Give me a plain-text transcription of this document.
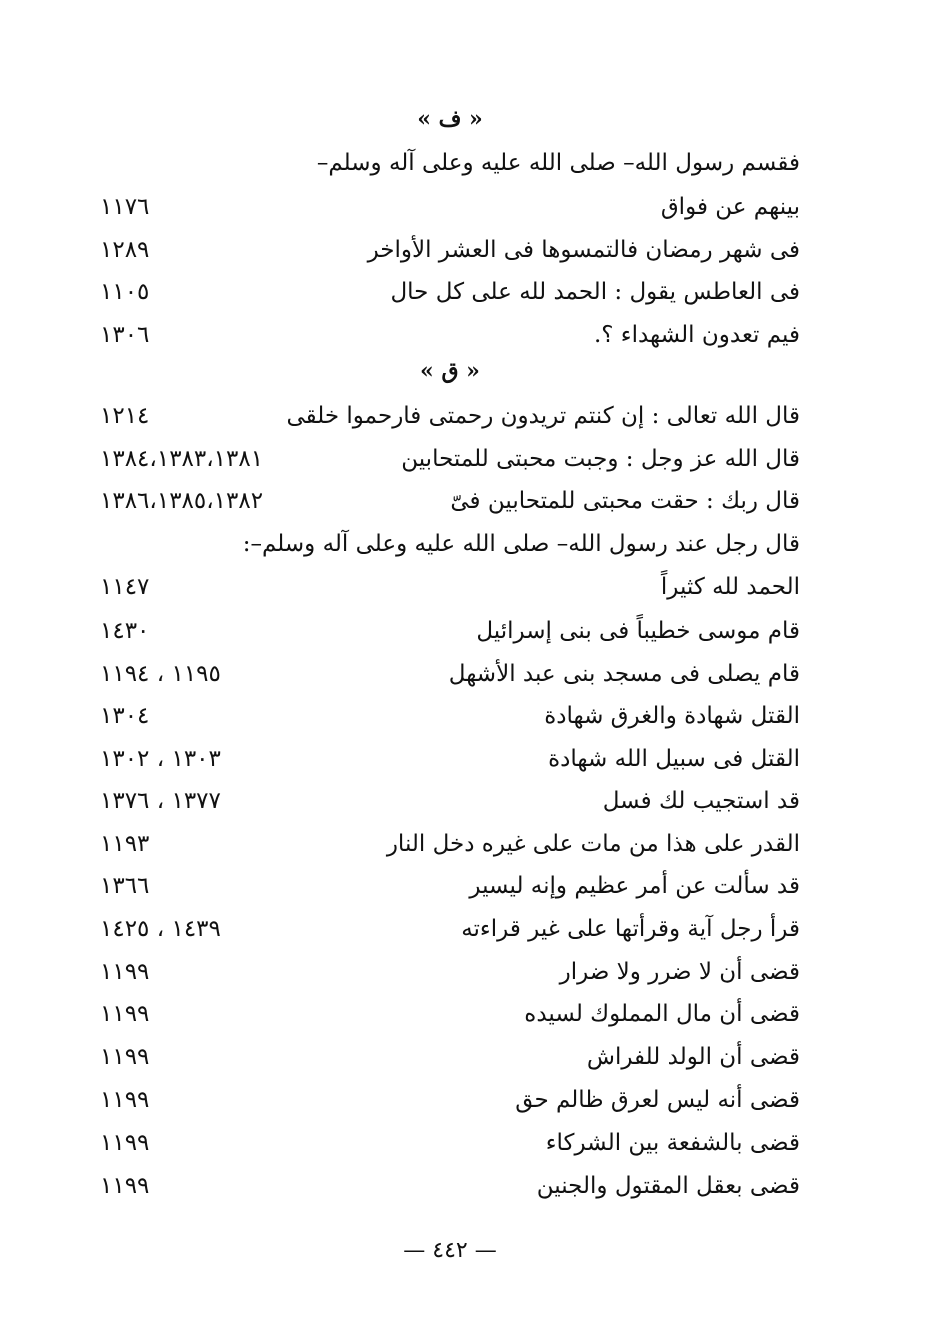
« ف »
فقسم رسول الله– صلى الله عليه وعلى آله وسلم–
بينهم عن فواق
١١٧٦
فى شهر رمضان فالتمسوها فى العشر الأواخر
١٢٨٩
فى العاطس يقول : الحمد لله على كل حال
١١٠٥
فيم تعدون الشهداء ؟.
١٣٠٦
« ق »
قال الله تعالى : إن كنتم تريدون رحمتى فارحموا خلقى
١٢١٤
قال الله عز وجل : وجبت محبتى للمتحابين
١٣٨٤،١٣٨٣،١٣٨١
قال ربك : حقت محبتى للمتحابين فىّ
١٣٨٦،١٣٨٥،١٣٨٢
قال رجل عند رسول الله– صلى الله عليه وعلى آله وسلم–:
الحمد لله كثيراً
١١٤٧
قام موسى خطيباً فى بنى إسرائيل
١٤٣٠
قام يصلى فى مسجد بنى عبد الأشهل
١١٩٥ ، ١١٩٤
القتل شهادة والغرق شهادة
١٣٠٤
القتل فى سبيل الله شهادة
١٣٠٣ ، ١٣٠٢
قد استجيب لك فسل
١٣٧٧ ، ١٣٧٦
القدر على هذا من مات على غيره دخل النار
١١٩٣
قد سألت عن أمر عظيم وإنه ليسير
١٣٦٦
قرأ رجل آية وقرأتها على غير قراءته
١٤٣٩ ، ١٤٢٥
قضى أن لا ضرر ولا ضرار
١١٩٩
قضى أن مال المملوك لسيده
١١٩٩
قضى أن الولد للفراش
١١٩٩
قضى أنه ليس لعرق ظالم حق
١١٩٩
قضى بالشفعة بين الشركاء
١١٩٩
قضى بعقل المقتول والجنين
١١٩٩
— ٤٤٢ —
